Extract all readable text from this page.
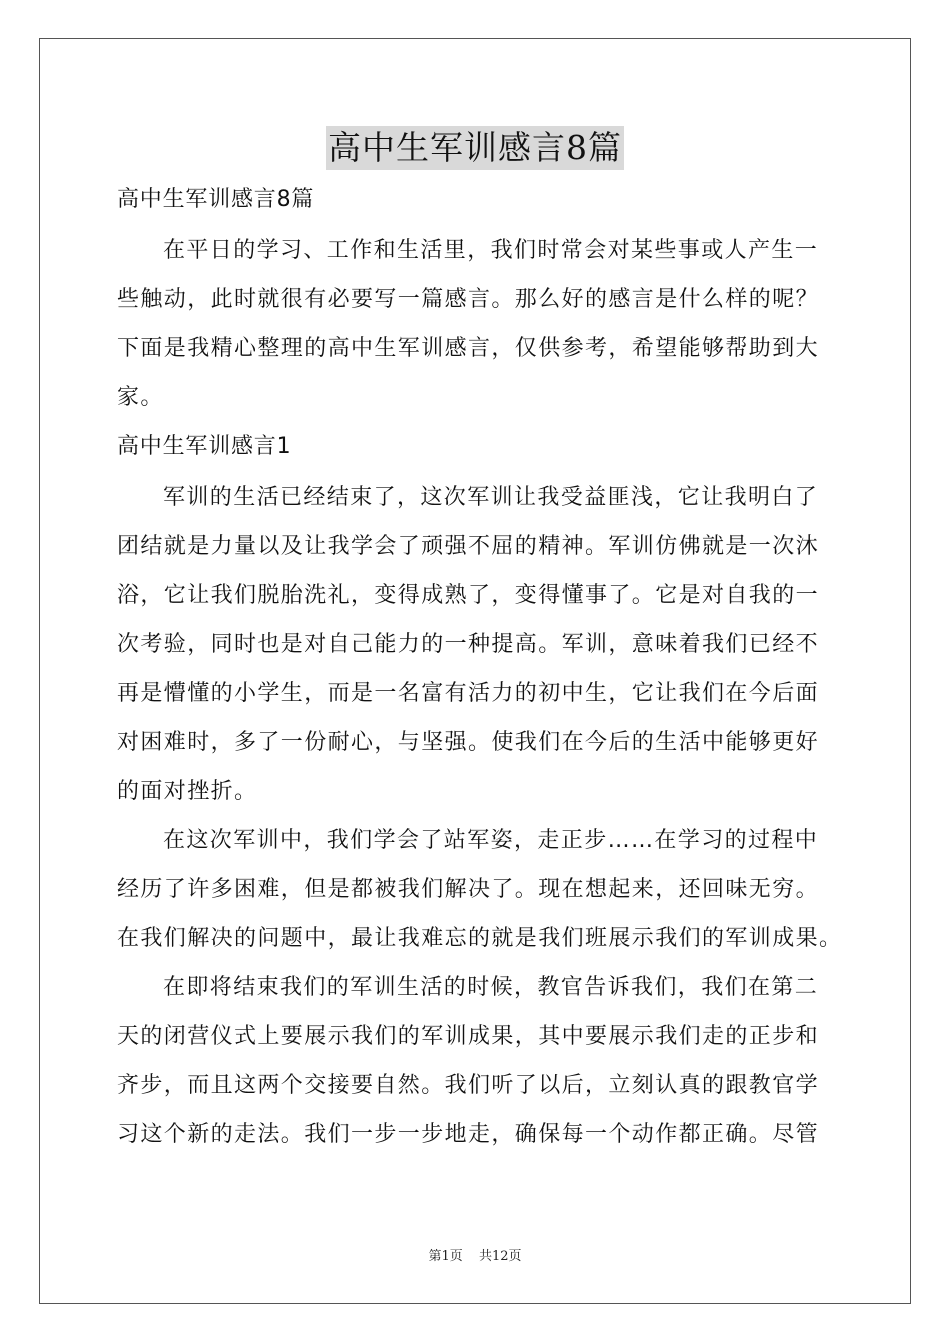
高中生军训感言8篇
高中生军训感言8篇
在平日的学习、工作和生活里，我们时常会对某些事或人产生一
些触动，此时就很有必要写一篇感言。那么好的感言是什么样的呢？
下面是我精心整理的高中生军训感言，仅供参考，希望能够帮助到大
家。
高中生军训感言1
军训的生活已经结束了，这次军训让我受益匪浅，它让我明白了
团结就是力量以及让我学会了顽强不屈的精神。军训仿佛就是一次沐
浴，它让我们脱胎洗礼，变得成熟了，变得懂事了。它是对自我的一
次考验，同时也是对自己能力的一种提高。军训，意味着我们已经不
再是懵懂的小学生，而是一名富有活力的初中生，它让我们在今后面
对困难时，多了一份耐心，与坚强。使我们在今后的生活中能够更好
的面对挫折。
在这次军训中，我们学会了站军姿，走正步……在学习的过程中
经历了许多困难，但是都被我们解决了。现在想起来，还回味无穷。
在我们解决的问题中，最让我难忘的就是我们班展示我们的军训成果。
在即将结束我们的军训生活的时候，教官告诉我们，我们在第二
天的闭营仪式上要展示我们的军训成果，其中要展示我们走的正步和
齐步，而且这两个交接要自然。我们听了以后，立刻认真的跟教官学
习这个新的走法。我们一步一步地走，确保每一个动作都正确。尽管
第1页 共12页
